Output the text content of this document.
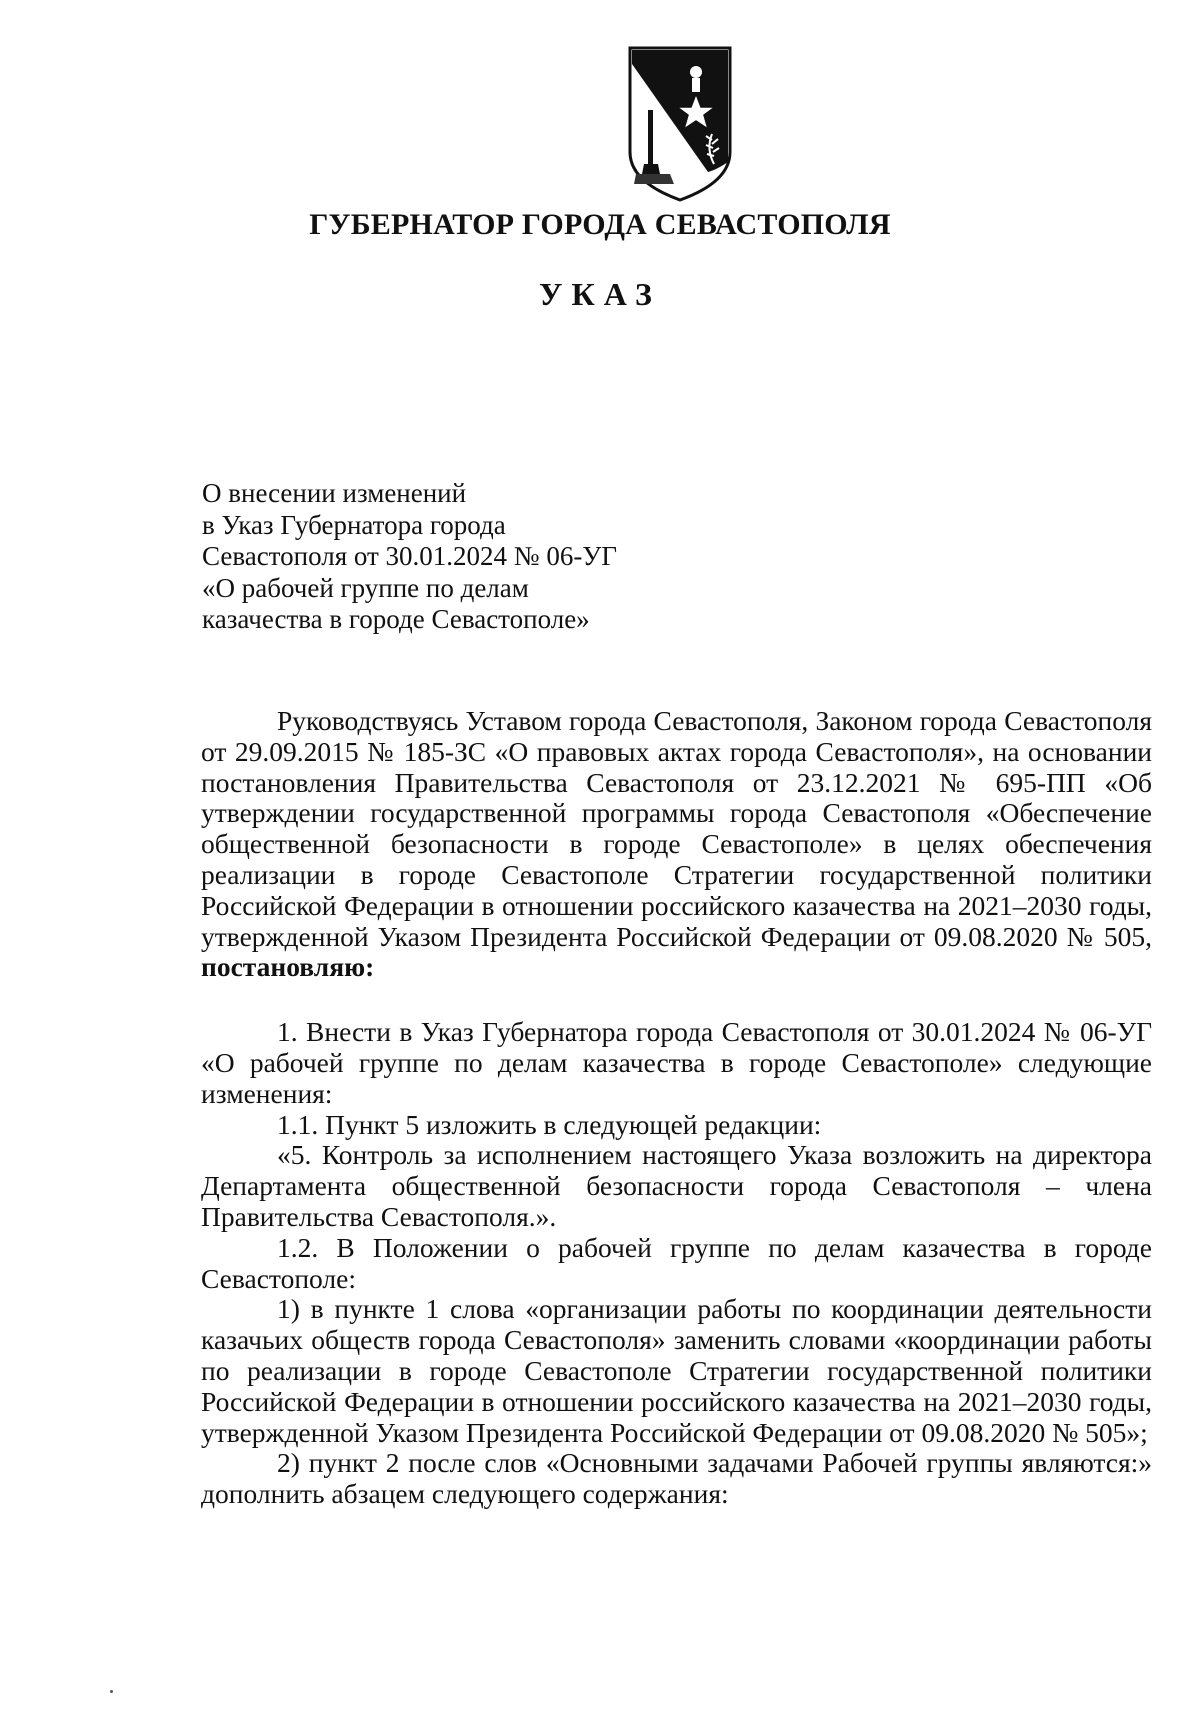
ГУБЕРНАТОР ГОРОДА СЕВАСТОПОЛЯ
УКАЗ
О внесении изменений
в Указ Губернатора города
Севастополя от 30.01.2024 № 06-УГ
«О рабочей группе по делам
казачества в городе Севастополе»
Руководствуясь Уставом города Севастополя, Законом города Севастополя от 29.09.2015 № 185-ЗС «О правовых актах города Севастополя», на основании постановления Правительства Севастополя от 23.12.2021 № 695-ПП «Об утверждении государственной программы города Севастополя «Обеспечение общественной безопасности в городе Севастополе» в целях обеспечения реализации в городе Севастополе Стратегии государственной политики Российской Федерации в отношении российского казачества на 2021–2030 годы, утвержденной Указом Президента Российской Федерации от 09.08.2020 № 505, постановляю:
1. Внести в Указ Губернатора города Севастополя от 30.01.2024 № 06-УГ «О рабочей группе по делам казачества в городе Севастополе» следующие изменения:
1.1. Пункт 5 изложить в следующей редакции:
«5. Контроль за исполнением настоящего Указа возложить на директора Департамента общественной безопасности города Севастополя – члена Правительства Севастополя.».
1.2. В Положении о рабочей группе по делам казачества в городе Севастополе:
1) в пункте 1 слова «организации работы по координации деятельности казачьих обществ города Севастополя» заменить словами «координации работы по реализации в городе Севастополе Стратегии государственной политики Российской Федерации в отношении российского казачества на 2021–2030 годы, утвержденной Указом Президента Российской Федерации от 09.08.2020 № 505»;
2) пункт 2 после слов «Основными задачами Рабочей группы являются:» дополнить абзацем следующего содержания:
